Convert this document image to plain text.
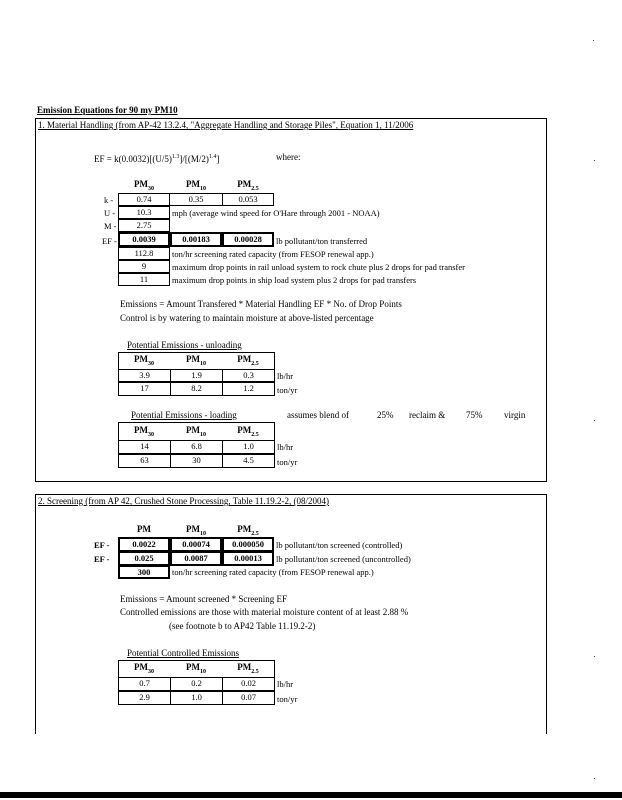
Emission Equations for 90 my PM10
1. Material Handling (from AP-42 13.2.4, "Aggregate Handling and Storage Piles", Equation 1, 11/2006
EF = $k(0.0032)[(U/5)^{1.3}]/[(M/2)^{1.4}]$	where:
$PM_{30}$	$PM_{10}$	$PM_{2.5}$
k -	0.74	0.35	0.053
U -	10.3	mph (average wind speed for O'Hare through 2001 - NOAA)
M -	2.75
EF -	0.0039	0.00183	0.00028	lb pollutant/ton transferred
112.8	ton/hr screening rated capacity (from FESOP renewal app.)
9	maximum drop points in rail unload system to rock chute plus 2 drops for pad transfer
11	maximum drop points in ship load system plus 2 drops for pad transfers
Emissions = Amount Transfered * Material Handling EF * No. of Drop Points
Control is by watering to maintain moisture at above-listed percentage
Potential Emissions - unloading
$PM_{30}$	$PM_{10}$	$PM_{2.5}$
3.9	1.9	0.3	lb/hr
17	8.2	1.2	ton/yr
Potential Emissions - loading	assumes blend of	25% reclaim & 75% virgin
$PM_{30}$	$PM_{10}$	$PM_{2.5}$
14	6.8	1.0	lb/hr
63	30	4.5	ton/yr
2. Screening (from AP 42, Crushed Stone Processing, Table 11.19.2-2, (08/2004)
PM	$PM_{10}$	$PM_{2.5}$
EF -	0.0022	0.00074	0.000050	lb pollutant/ton screened (controlled)
EF -	0.025	0.0087	0.00013	lb pollutant/ton screened (uncontrolled)
300	ton/hr screening rated capacity (from FESOP renewal app.)
Emissions = Amount screened * Screening EF
Controlled emissions are those with material moisture content of at least 2.88 %
(see footnote b to AP42 Table 11.19.2-2)
Potential Controlled Emissions
$PM_{30}$	$PM_{10}$	$PM_{2.5}$
0.7	0.2	0.02	lb/hr
2.9	1.0	0.07	ton/yr
